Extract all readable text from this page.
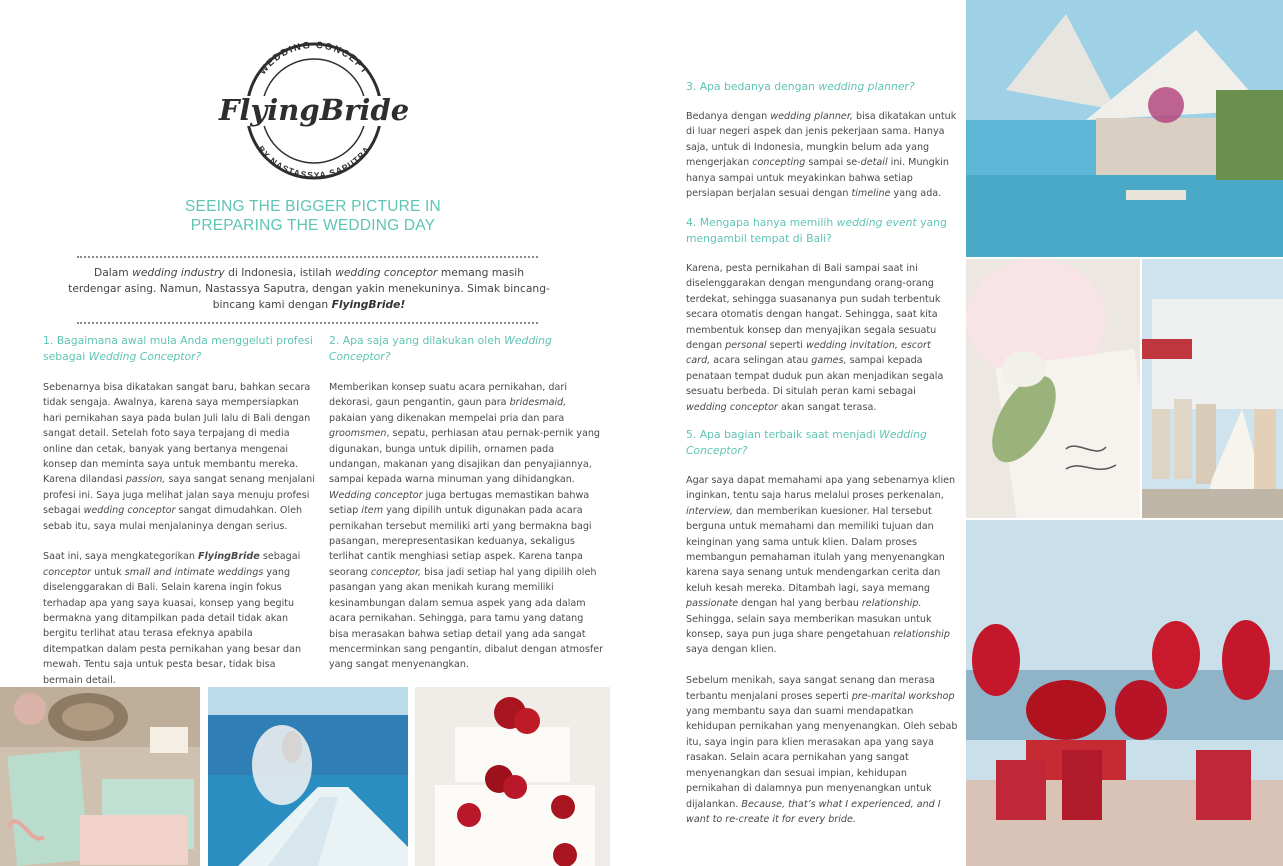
WEDDING CONCEPT
BY NASTASSYA SAPUTRA
FlyingBride
SEEING THE BIGGER PICTURE IN
PREPARING THE WEDDING DAY
Dalam wedding industry di Indonesia, istilah wedding conceptor memang masih terdengar asing. Namun, Nastassya Saputra, dengan yakin menekuninya. Simak bincang-bincang kami dengan FlyingBride!
1. Bagaimana awal mula Anda menggeluti profesi sebagai Wedding Conceptor?

Sebenarnya bisa dikatakan sangat baru, bahkan secara tidak sengaja. Awalnya, karena saya mempersiapkan hari pernikahan saya pada bulan Juli lalu di Bali dengan sangat detail. Setelah foto saya terpajang di media online dan cetak, banyak yang bertanya mengenai konsep dan meminta saya untuk membantu mereka. Karena dilandasi passion, saya sangat senang menjalani profesi ini. Saya juga melihat jalan saya menuju profesi sebagai wedding conceptor sangat dimudahkan. Oleh sebab itu, saya mulai menjalaninya dengan serius.

Saat ini, saya mengkategorikan FlyingBride sebagai conceptor untuk small and intimate weddings yang diselenggarakan di Bali. Selain karena ingin fokus terhadap apa yang saya kuasai, konsep yang begitu bermakna yang ditampilkan pada detail tidak akan bergitu terlihat atau terasa efeknya apabila ditempatkan dalam pesta pernikahan yang besar dan mewah. Tentu saja untuk pesta besar, tidak bisa bermain detail.

2. Apa saja yang dilakukan oleh Wedding Conceptor?

Memberikan konsep suatu acara pernikahan, dari dekorasi, gaun pengantin, gaun para bridesmaid, pakaian yang dikenakan mempelai pria dan para groomsmen, sepatu, perhiasan atau pernak-pernik yang digunakan, bunga untuk dipilih, ornamen pada undangan, makanan yang disajikan dan penyajiannya, sampai kepada warna minuman yang dihidangkan. Wedding conceptor juga bertugas memastikan bahwa setiap item yang dipilih untuk digunakan pada acara pernikahan tersebut memiliki arti yang bermakna bagi pasangan, merepresentasikan keduanya, sekaligus terlihat cantik menghiasi setiap aspek. Karena tanpa seorang conceptor, bisa jadi setiap hal yang dipilih oleh pasangan yang akan menikah kurang memiliki kesinambungan dalam semua aspek yang ada dalam acara pernikahan. Sehingga, para tamu yang datang bisa merasakan bahwa setiap detail yang ada sangat mencerminkan sang pengantin, dibalut dengan atmosfer yang sangat menyenangkan.

3. Apa bedanya dengan wedding planner?

Bedanya dengan wedding planner, bisa dikatakan untuk di luar negeri aspek dan jenis pekerjaan sama. Hanya saja, untuk di Indonesia, mungkin belum ada yang mengerjakan concepting sampai se-detail ini. Mungkin hanya sampai untuk meyakinkan bahwa setiap persiapan berjalan sesuai dengan timeline yang ada.

4. Mengapa hanya memilih wedding event yang mengambil tempat di Bali?

Karena, pesta pernikahan di Bali sampai saat ini diselenggarakan dengan mengundang orang-orang terdekat, sehingga suasananya pun sudah terbentuk secara otomatis dengan hangat. Sehingga, saat kita membentuk konsep dan menyajikan segala sesuatu dengan personal seperti wedding invitation, escort card, acara selingan atau games, sampai kepada penataan tempat duduk pun akan menjadikan segala sesuatu berbeda. Di situlah peran kami sebagai wedding conceptor akan sangat terasa.

5. Apa bagian terbaik saat menjadi Wedding Conceptor?

Agar saya dapat memahami apa yang sebenarnya klien inginkan, tentu saja harus melalui proses perkenalan, interview, dan memberikan kuesioner. Hal tersebut berguna untuk memahami dan memiliki tujuan dan keinginan yang sama untuk klien. Dalam proses membangun pemahaman itulah yang menyenangkan karena saya senang untuk mendengarkan cerita dan keluh kesah mereka. Ditambah lagi, saya memang passionate dengan hal yang berbau relationship. Sehingga, selain saya memberikan masukan untuk konsep, saya pun juga share pengetahuan relationship saya dengan klien.

Sebelum menikah, saya sangat senang dan merasa terbantu menjalani proses seperti pre-marital workshop yang membantu saya dan suami mendapatkan kehidupan pernikahan yang menyenangkan. Oleh sebab itu, saya ingin para klien merasakan apa yang saya rasakan. Selain acara pernikahan yang sangat menyenangkan dan sesuai impian, kehidupan pernikahan di dalamnya pun menyenangkan untuk dijalankan. Because, that’s what I experienced, and I want to re-create it for every bride.
